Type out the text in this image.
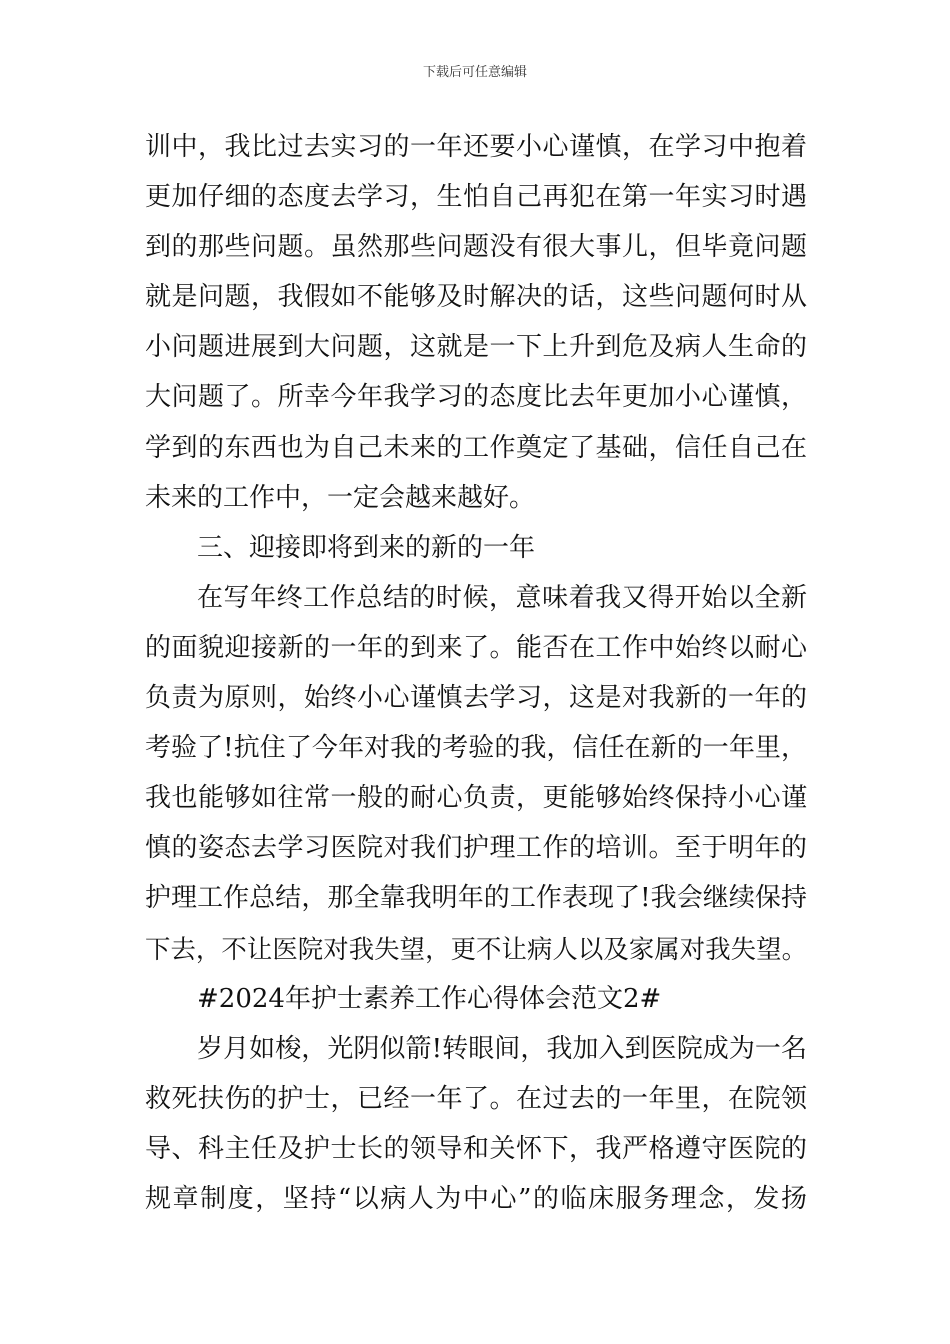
下载后可任意编辑
训中，我比过去实习的一年还要小心谨慎，在学习中抱着
更加仔细的态度去学习，生怕自己再犯在第一年实习时遇
到的那些问题。虽然那些问题没有很大事儿，但毕竟问题
就是问题，我假如不能够及时解决的话，这些问题何时从
小问题进展到大问题，这就是一下上升到危及病人生命的
大问题了。所幸今年我学习的态度比去年更加小心谨慎，
学到的东西也为自己未来的工作奠定了基础，信任自己在
未来的工作中，一定会越来越好。
三、迎接即将到来的新的一年
在写年终工作总结的时候，意味着我又得开始以全新
的面貌迎接新的一年的到来了。能否在工作中始终以耐心
负责为原则，始终小心谨慎去学习，这是对我新的一年的
考验了!抗住了今年对我的考验的我，信任在新的一年里，
我也能够如往常一般的耐心负责，更能够始终保持小心谨
慎的姿态去学习医院对我们护理工作的培训。至于明年的
护理工作总结，那全靠我明年的工作表现了!我会继续保持
下去，不让医院对我失望，更不让病人以及家属对我失望。
#2024年护士素养工作心得体会范文2#
岁月如梭，光阴似箭!转眼间，我加入到医院成为一名
救死扶伤的护士，已经一年了。在过去的一年里，在院领
导、科主任及护士长的领导和关怀下，我严格遵守医院的
规章制度，坚持“以病人为中心”的临床服务理念，发扬
